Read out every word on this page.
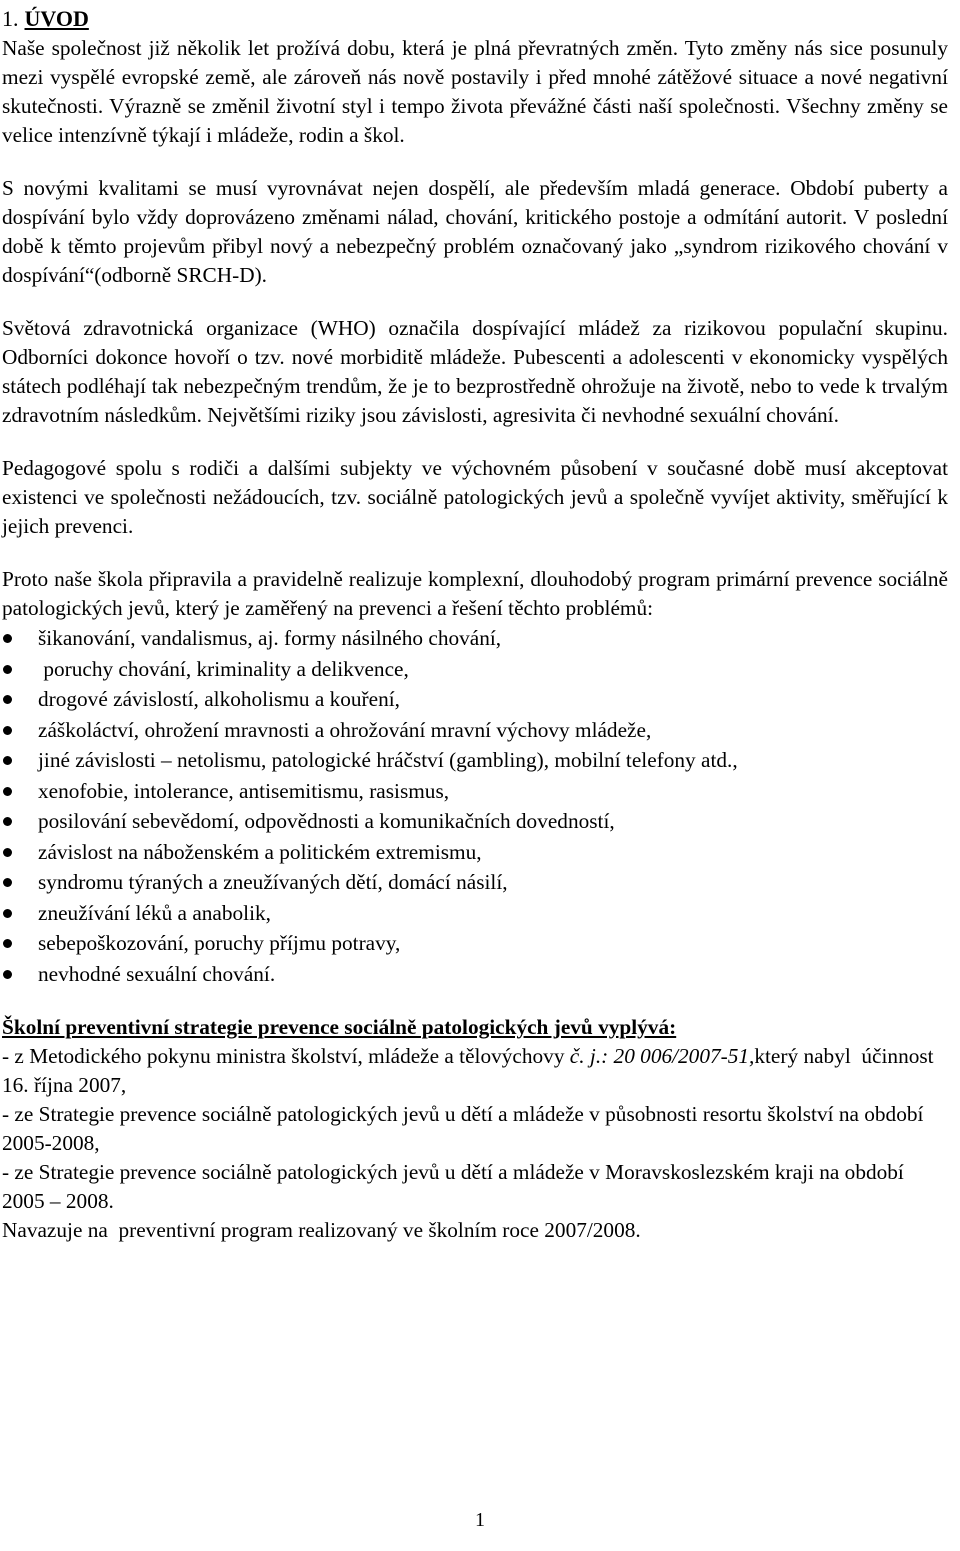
1. ÚVOD

Naše společnost již několik let prožívá dobu, která je plná převratných změn. Tyto změny nás sice posunuly mezi vyspělé evropské země, ale zároveň nás nově postavily i před mnohé zátěžové situace a nové negativní skutečnosti. Výrazně se změnil životní styl i tempo života převážné části naší společnosti. Všechny změny se velice intenzívně týkají i mládeže, rodin a škol.

S novými kvalitami se musí vyrovnávat nejen dospělí, ale především mladá generace. Období puberty a dospívání bylo vždy doprovázeno změnami nálad, chování, kritického postoje a odmítání autorit. V poslední době k těmto projevům přibyl nový a nebezpečný problém označovaný jako „syndrom rizikového chování v dospívání“(odborně SRCH-D).

Světová zdravotnická organizace (WHO) označila dospívající mládež za rizikovou populační skupinu. Odborníci dokonce hovoří o tzv. nové morbiditě mládeže. Pubescenti a adolescenti v ekonomicky vyspělých státech podléhají tak nebezpečným trendům, že je to bezprostředně ohrožuje na životě, nebo to vede k trvalým zdravotním následkům. Největšími riziky jsou závislosti, agresivita či nevhodné sexuální chování.

Pedagogové spolu s rodiči a dalšími subjekty ve výchovném působení v současné době musí akceptovat existenci ve společnosti nežádoucích, tzv. sociálně patologických jevů a společně vyvíjet aktivity, směřující k jejich prevenci.

Proto naše škola připravila a pravidelně realizuje komplexní, dlouhodobý program primární prevence sociálně patologických jevů, který je zaměřený na prevenci a řešení těchto problémů:

šikanování, vandalismus, aj. formy násilného chování,
poruchy chování, kriminality a delikvence,
drogové závislostí, alkoholismu a kouření,
záškoláctví, ohrožení mravnosti a ohrožování mravní výchovy mládeže,
jiné závislosti – netolismu, patologické hráčství (gambling), mobilní telefony atd.,
xenofobie, intolerance, antisemitismu, rasismus,
posilování sebevědomí, odpovědnosti a komunikačních dovedností,
závislost na náboženském a politickém extremismu,
syndromu týraných a zneužívaných dětí, domácí násilí,
zneužívání léků a anabolik,
sebepoškozování, poruchy příjmu potravy,
nevhodné sexuální chování.

Školní preventivní strategie prevence sociálně patologických jevů vyplývá:

- z Metodického pokynu ministra školství, mládeže a tělovýchovy č. j.: 20 006/2007-51,který nabyl  účinnost 16. října 2007,

- ze Strategie prevence sociálně patologických jevů u dětí a mládeže v působnosti resortu školství na období 2005-2008,

- ze Strategie prevence sociálně patologických jevů u dětí a mládeže v Moravskoslezském kraji na období 2005 – 2008.

Navazuje na  preventivní program realizovaný ve školním roce 2007/2008.

1
